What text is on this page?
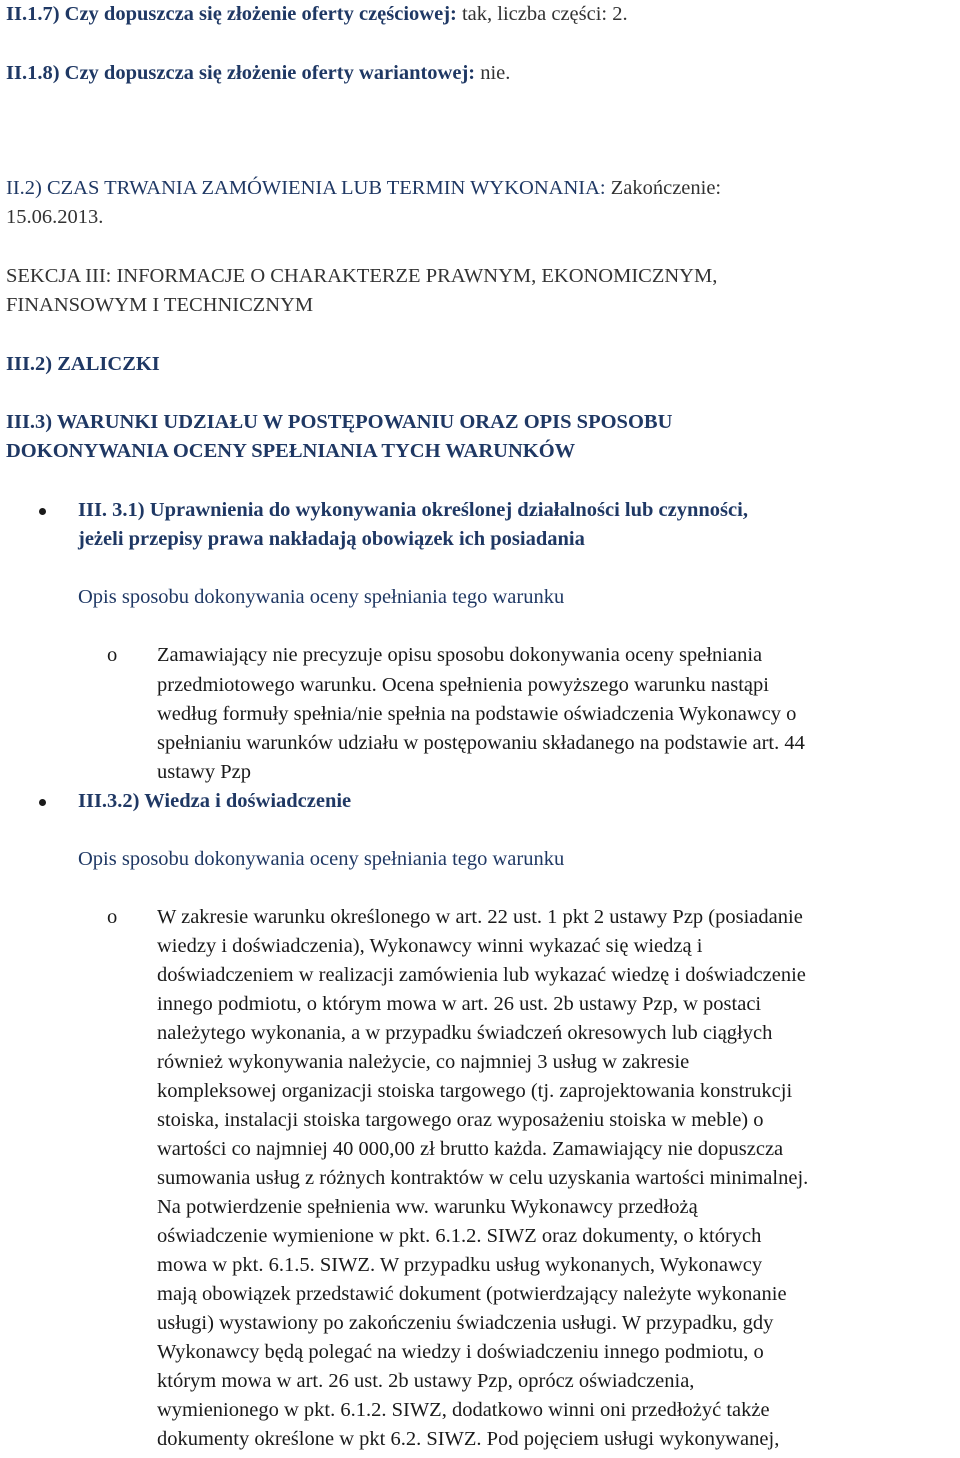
II.1.7) Czy dopuszcza się złożenie oferty częściowej: tak, liczba części: 2.

II.1.8) Czy dopuszcza się złożenie oferty wariantowej: nie.

II.2) CZAS TRWANIA ZAMÓWIENIA LUB TERMIN WYKONANIA: Zakończenie:

15.06.2013.

SEKCJA III: INFORMACJE O CHARAKTERZE PRAWNYM, EKONOMICZNYM,

FINANSOWYM I TECHNICZNYM

III.2) ZALICZKI

III.3) WARUNKI UDZIAŁU W POSTĘPOWANIU ORAZ OPIS SPOSOBU

DOKONYWANIA OCENY SPEŁNIANIA TYCH WARUNKÓW

III. 3.1) Uprawnienia do wykonywania określonej działalności lub czynności,

jeżeli przepisy prawa nakładają obowiązek ich posiadania

Opis sposobu dokonywania oceny spełniania tego warunku

o Zamawiający nie precyzuje opisu sposobu dokonywania oceny spełniania

przedmiotowego warunku. Ocena spełnienia powyższego warunku nastąpi

według formuły spełnia/nie spełnia na podstawie oświadczenia Wykonawcy o

spełnianiu warunków udziału w postępowaniu składanego na podstawie art. 44

ustawy Pzp

III.3.2) Wiedza i doświadczenie

Opis sposobu dokonywania oceny spełniania tego warunku

o W zakresie warunku określonego w art. 22 ust. 1 pkt 2 ustawy Pzp (posiadanie

wiedzy i doświadczenia), Wykonawcy winni wykazać się wiedzą i

doświadczeniem w realizacji zamówienia lub wykazać wiedzę i doświadczenie

innego podmiotu, o którym mowa w art. 26 ust. 2b ustawy Pzp, w postaci

należytego wykonania, a w przypadku świadczeń okresowych lub ciągłych

również wykonywania należycie, co najmniej 3 usług w zakresie

kompleksowej organizacji stoiska targowego (tj. zaprojektowania konstrukcji

stoiska, instalacji stoiska targowego oraz wyposażeniu stoiska w meble) o

wartości co najmniej 40 000,00 zł brutto każda. Zamawiający nie dopuszcza

sumowania usług z różnych kontraktów w celu uzyskania wartości minimalnej.

Na potwierdzenie spełnienia ww. warunku Wykonawcy przedłożą

oświadczenie wymienione w pkt. 6.1.2. SIWZ oraz dokumenty, o których

mowa w pkt. 6.1.5. SIWZ. W przypadku usług wykonanych, Wykonawcy

mają obowiązek przedstawić dokument (potwierdzający należyte wykonanie

usługi) wystawiony po zakończeniu świadczenia usługi. W przypadku, gdy

Wykonawcy będą polegać na wiedzy i doświadczeniu innego podmiotu, o

którym mowa w art. 26 ust. 2b ustawy Pzp, oprócz oświadczenia,

wymienionego w pkt. 6.1.2. SIWZ, dodatkowo winni oni przedłożyć także

dokumenty określone w pkt 6.2. SIWZ. Pod pojęciem usługi wykonywanej,
